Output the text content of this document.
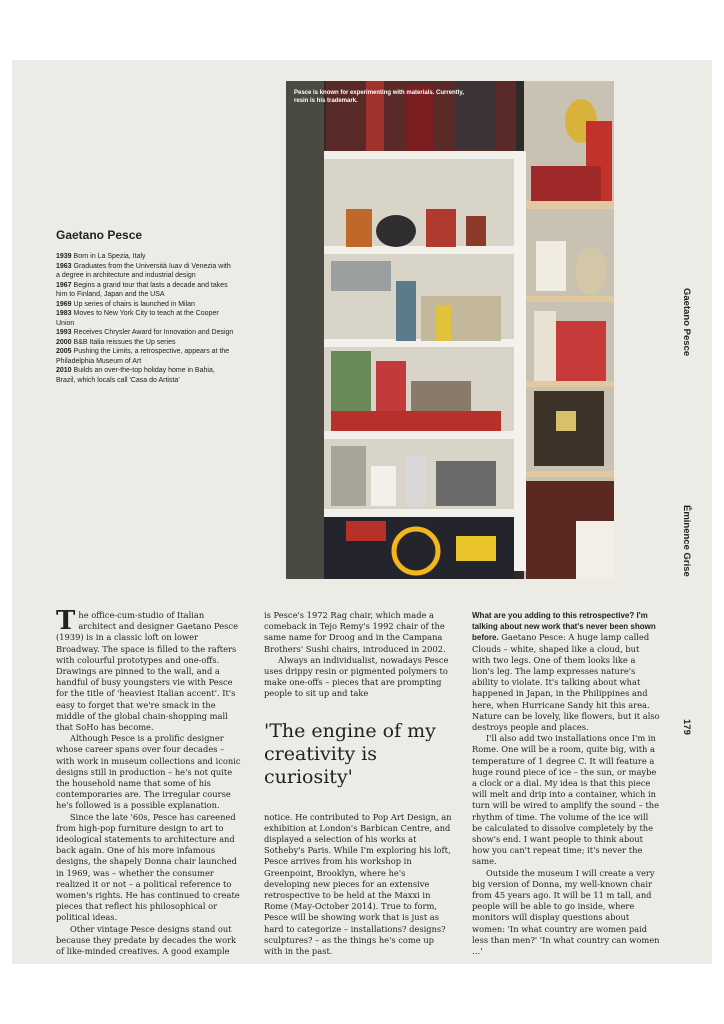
Gaetano Pesce

1939 Born in La Spezia, Italy

1963 Graduates from the Università Iuav di Venezia with a degree in architecture and industrial design

1967 Begins a grand tour that lasts a decade and takes him to Finland, Japan and the USA

1969 Up series of chairs is launched in Milan

1983 Moves to New York City to teach at the Cooper Union

1993 Receives Chrysler Award for Innovation and Design

2000 B&B Italia reissues the Up series

2005 Pushing the Limits, a retrospective, appears at the Philadelphia Museum of Art

2010 Builds an over-the-top holiday home in Bahia, Brazil, which locals call 'Casa do Artista'

Pesce is known for experimenting with materials. Currently, resin is his trademark.
Gaetano Pesce
Éminence Grise
179

The office-cum-studio of Italian architect and designer Gaetano Pesce (1939) is in a classic loft on lower Broadway. The space is filled to the rafters with colourful prototypes and one-offs. Drawings are pinned to the wall, and a handful of busy youngsters vie with Pesce for the title of 'heaviest Italian accent'. It's easy to forget that we're smack in the middle of the global chain-shopping mall that SoHo has become.

Although Pesce is a prolific designer whose career spans over four decades – with work in museum collections and iconic designs still in production – he's not quite the household name that some of his contemporaries are. The irregular course he's followed is a possible explanation.

Since the late '60s, Pesce has careened from high-pop furniture design to art to ideological statements to architecture and back again. One of his more infamous designs, the shapely Donna chair launched in 1969, was – whether the consumer realized it or not – a political reference to women's rights. He has continued to create pieces that reflect his philosophical or political ideas.

Other vintage Pesce designs stand out because they predate by decades the work of like-minded creatives. A good example

is Pesce's 1972 Rag chair, which made a comeback in Tejo Remy's 1992 chair of the same name for Droog and in the Campana Brothers' Sushi chairs, introduced in 2002.

Always an individualist, nowadays Pesce uses drippy resin or pigmented polymers to make one-offs – pieces that are prompting people to sit up and take

'The engine of my creativity is curiosity'

notice. He contributed to Pop Art Design, an exhibition at London's Barbican Centre, and displayed a selection of his works at Sotheby's Paris. While I'm exploring his loft, Pesce arrives from his workshop in Greenpoint, Brooklyn, where he's developing new pieces for an extensive retrospective to be held at the Maxxi in Rome (May-October 2014). True to form, Pesce will be showing work that is just as hard to categorize – installations? designs? sculptures? – as the things he's come up with in the past.

What are you adding to this retrospective? I'm talking about new work that's never been shown before. Gaetano Pesce: A huge lamp called Clouds – white, shaped like a cloud, but with two legs. One of them looks like a lion's leg. The lamp expresses nature's ability to violate. It's talking about what happened in Japan, in the Philippines and here, when Hurricane Sandy hit this area. Nature can be lovely, like flowers, but it also destroys people and places.

I'll also add two installations once I'm in Rome. One will be a room, quite big, with a temperature of 1 degree C. It will feature a huge round piece of ice – the sun, or maybe a clock or a dial. My idea is that this piece will melt and drip into a container, which in turn will be wired to amplify the sound – the rhythm of time. The volume of the ice will be calculated to dissolve completely by the show's end. I want people to think about how you can't repeat time; it's never the same.

Outside the museum I will create a very big version of Donna, my well-known chair from 45 years ago. It will be 11 m tall, and people will be able to go inside, where monitors will display questions about women: 'In what country are women paid less than men?' 'In what country can women …'
